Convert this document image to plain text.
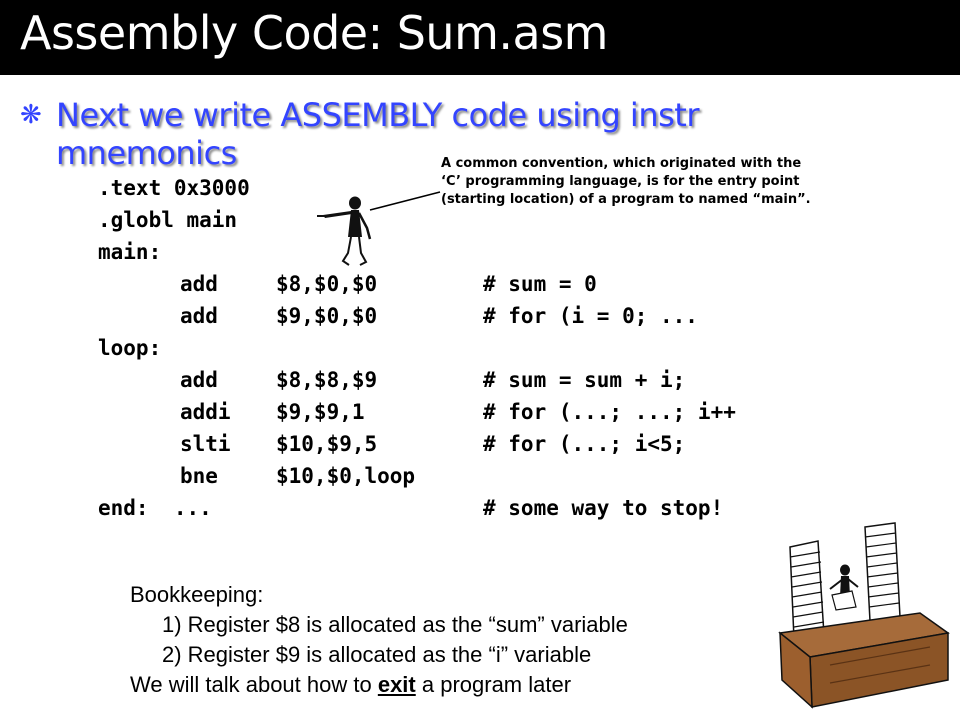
Assembly Code: Sum.asm
❋ Next we write ASSEMBLY code using instr mnemonics
.text 0x3000
.globl main
main:
add	$8,$0,$0	# sum = 0
add	$9,$0,$0	# for (i = 0; ...
loop:
add	$8,$8,$9	# sum = sum + i;
addi $9,$9,1	# for (...; ...; i++
slti $10,$9,5	# for (...; i<5;
bne	$10,$0,loop
end:  ...	# some way to stop!
A common convention, which originated with the ‘C’ programming language, is for the entry point (starting location) of a program to named “main”.
Bookkeeping:
1) Register $8 is allocated as the “sum” variable
2) Register $9 is allocated as the “i” variable
We will talk about how to exit a program later
